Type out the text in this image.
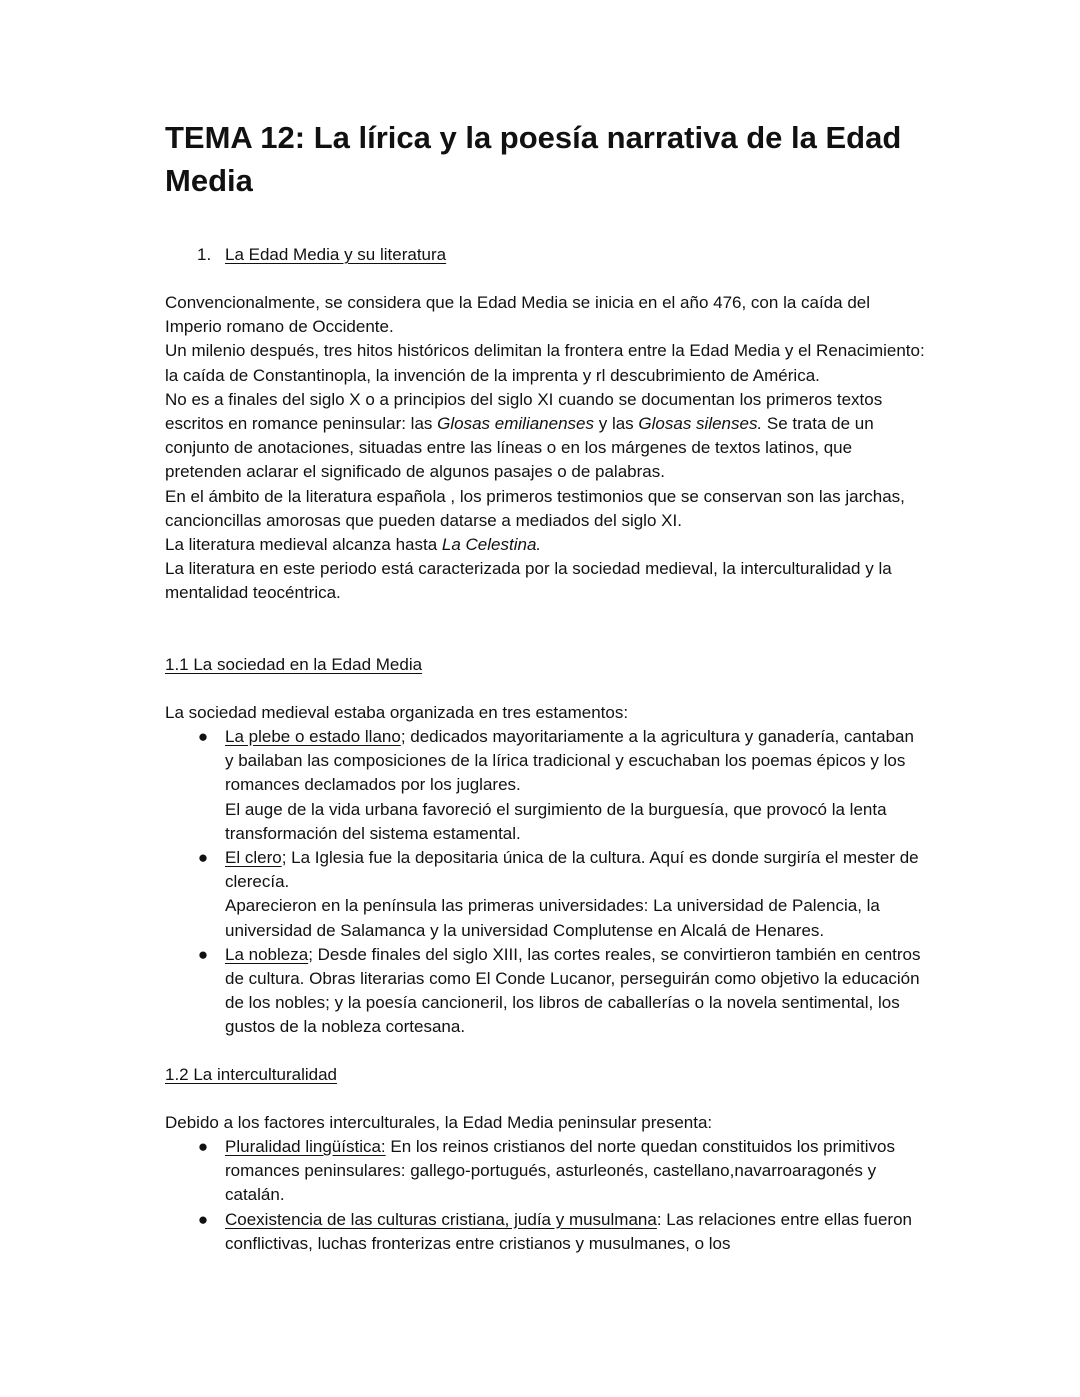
TEMA 12: La lírica y la poesía narrativa de la Edad Media
1. La Edad Media y su literatura

Convencionalmente, se considera que la Edad Media se inicia en el año 476, con la caída del Imperio romano de Occidente.

Un milenio después, tres hitos históricos delimitan la frontera entre la Edad Media y el Renacimiento: la caída de Constantinopla, la invención de la imprenta y rl descubrimiento de América.

No es a finales del siglo X o a principios del siglo XI cuando se documentan los primeros textos escritos en romance peninsular: las Glosas emilianenses y las Glosas silenses. Se trata de un conjunto de anotaciones, situadas entre las líneas o en los márgenes de textos latinos, que pretenden aclarar el significado de algunos pasajes o de palabras.

En el ámbito de la literatura española , los primeros testimonios que se conservan son las jarchas, cancioncillas amorosas que pueden datarse a mediados del siglo XI.

La literatura medieval alcanza hasta La Celestina.

La literatura en este periodo está caracterizada por la sociedad medieval, la interculturalidad y la mentalidad teocéntrica.

1.1 La sociedad en la Edad Media
La sociedad medieval estaba organizada en tres estamentos:
● La plebe o estado llano; dedicados mayoritariamente a la agricultura y ganadería, cantaban y bailaban las composiciones de la lírica tradicional y escuchaban los poemas épicos y los romances declamados por los juglares.

El auge de la vida urbana favoreció el surgimiento de la burguesía, que provocó la lenta transformación del sistema estamental.

● El clero; La Iglesia fue la depositaria única de la cultura. Aquí es donde surgiría el mester de clerecía.

Aparecieron en la península las primeras universidades: La universidad de Palencia, la universidad de Salamanca y la universidad Complutense en Alcalá de Henares.

● La nobleza; Desde finales del siglo XIII, las cortes reales, se convirtieron también en centros de cultura. Obras literarias como El Conde Lucanor, perseguirán como objetivo la educación de los nobles; y la poesía cancioneril, los libros de caballerías o la novela sentimental, los gustos de la nobleza cortesana.

1.2 La interculturalidad
Debido a los factores interculturales, la Edad Media peninsular presenta:
● Pluralidad lingüística: En los reinos cristianos del norte quedan constituidos los primitivos romances peninsulares: gallego-portugués, asturleonés, castellano,navarroaragonés y catalán.

● Coexistencia de las culturas cristiana, judía y musulmana: Las relaciones entre ellas fueron conflictivas, luchas fronterizas entre cristianos y musulmanes, o los
